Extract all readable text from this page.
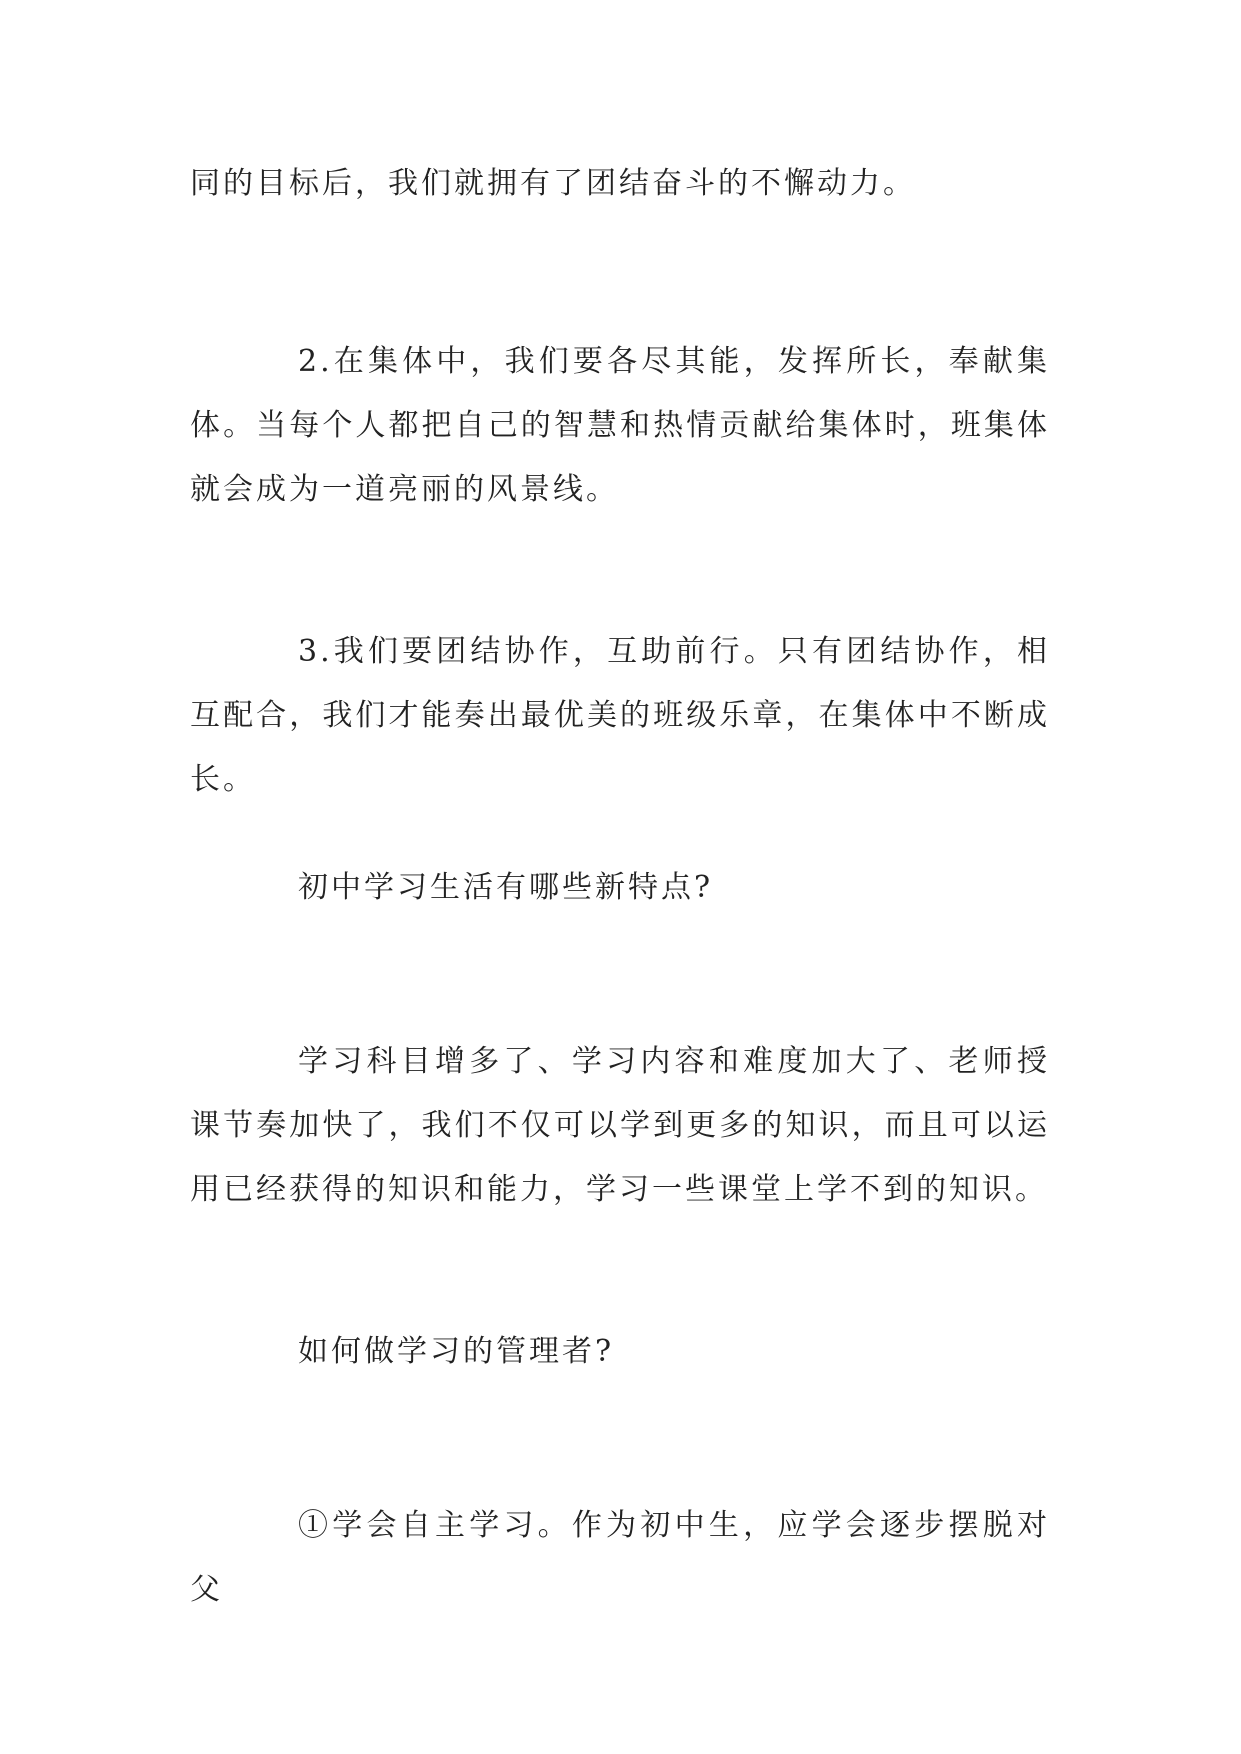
同的目标后，我们就拥有了团结奋斗的不懈动力。

2.在集体中，我们要各尽其能，发挥所长，奉献集体。当每个人都把自己的智慧和热情贡献给集体时，班集体就会成为一道亮丽的风景线。

3.我们要团结协作，互助前行。只有团结协作，相互配合，我们才能奏出最优美的班级乐章，在集体中不断成长。

初中学习生活有哪些新特点?

学习科目增多了、学习内容和难度加大了、老师授课节奏加快了，我们不仅可以学到更多的知识，而且可以运用已经获得的知识和能力，学习一些课堂上学不到的知识。

如何做学习的管理者?

①学会自主学习。作为初中生，应学会逐步摆脱对父
